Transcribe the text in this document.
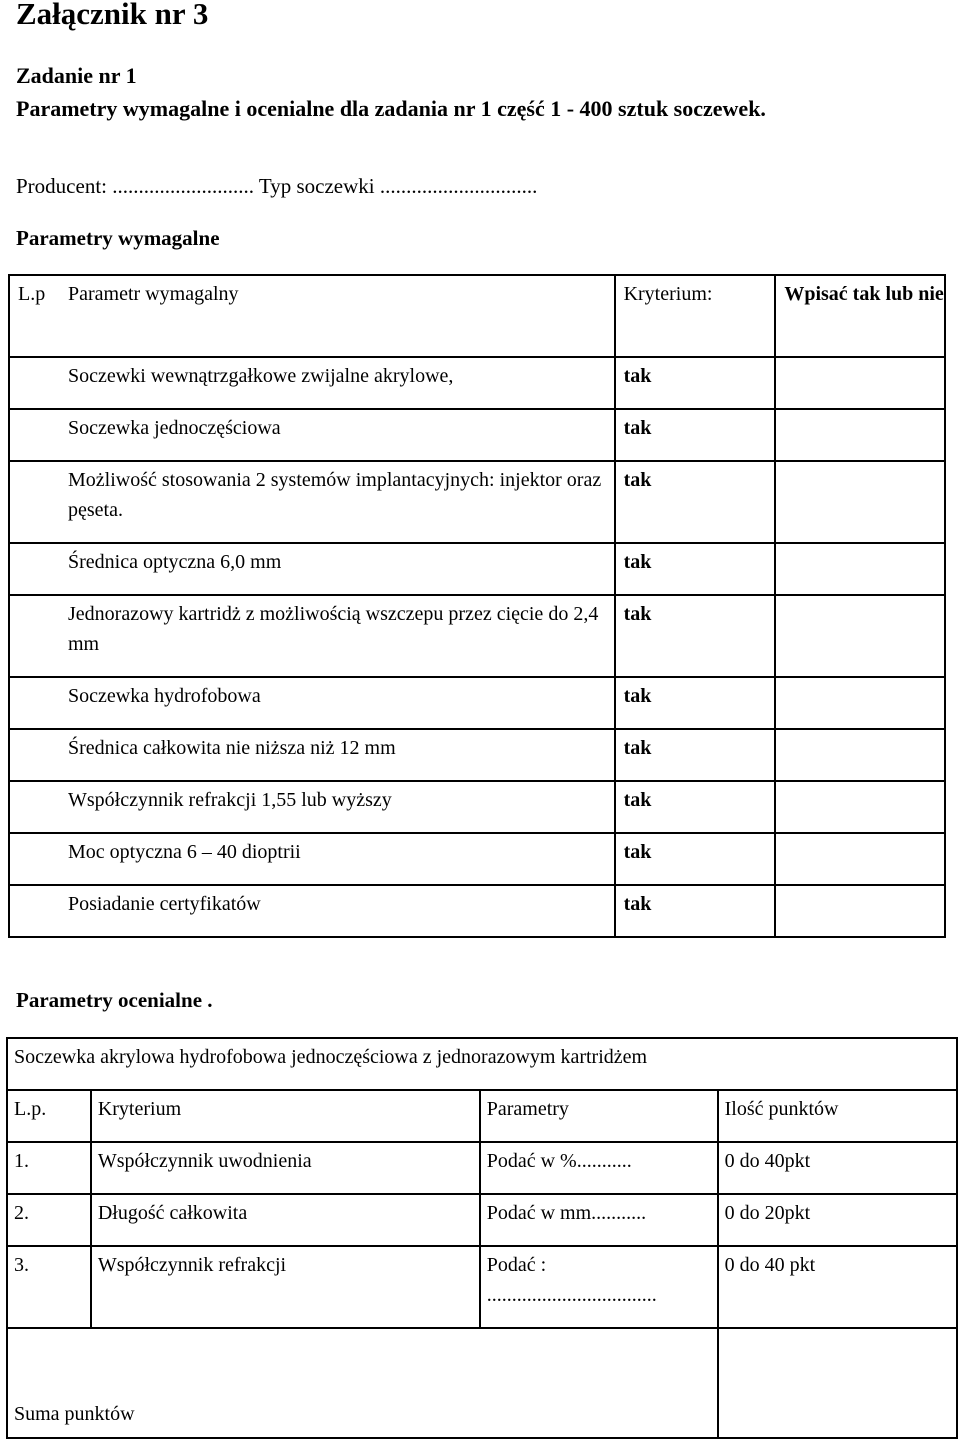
Załącznik nr 3
Zadanie nr 1
Parametry wymagalne i ocenialne dla zadania nr 1 część 1 - 400 sztuk soczewek.
Producent: ........................... Typ soczewki ..............................
Parametry wymagalne
L.p Parametr wymagalny	Kryterium:	Wpisać tak lub nie

Soczewki wewnątrzgałkowe zwijalne akrylowe,	tak	

Soczewka jednoczęściowa	tak	

Możliwość stosowania 2 systemów implantacyjnych: injektor oraz pęseta.	tak	

Średnica optyczna 6,0 mm	tak	

Jednorazowy kartridż z możliwością wszczepu przez cięcie do 2,4 mm	tak	

Soczewka hydrofobowa	tak	

Średnica całkowita nie niższa niż 12 mm	tak	

Współczynnik refrakcji 1,55 lub wyższy	tak	

Moc optyczna 6 – 40 dioptrii	tak	

Posiadanie certyfikatów	tak	
Parametry ocenialne .
Soczewka akrylowa hydrofobowa jednoczęściowa z jednorazowym kartridżem			
L.p.	Kryterium	Parametry	Ilość punktów
1.	Współczynnik uwodnienia	Podać w %...........	0 do 40pkt
2.	Długość całkowita	Podać w mm...........	0 do 20pkt
3.	Współczynnik refrakcji	Podać : ..................................	0 do 40 pkt
Suma punktów			
